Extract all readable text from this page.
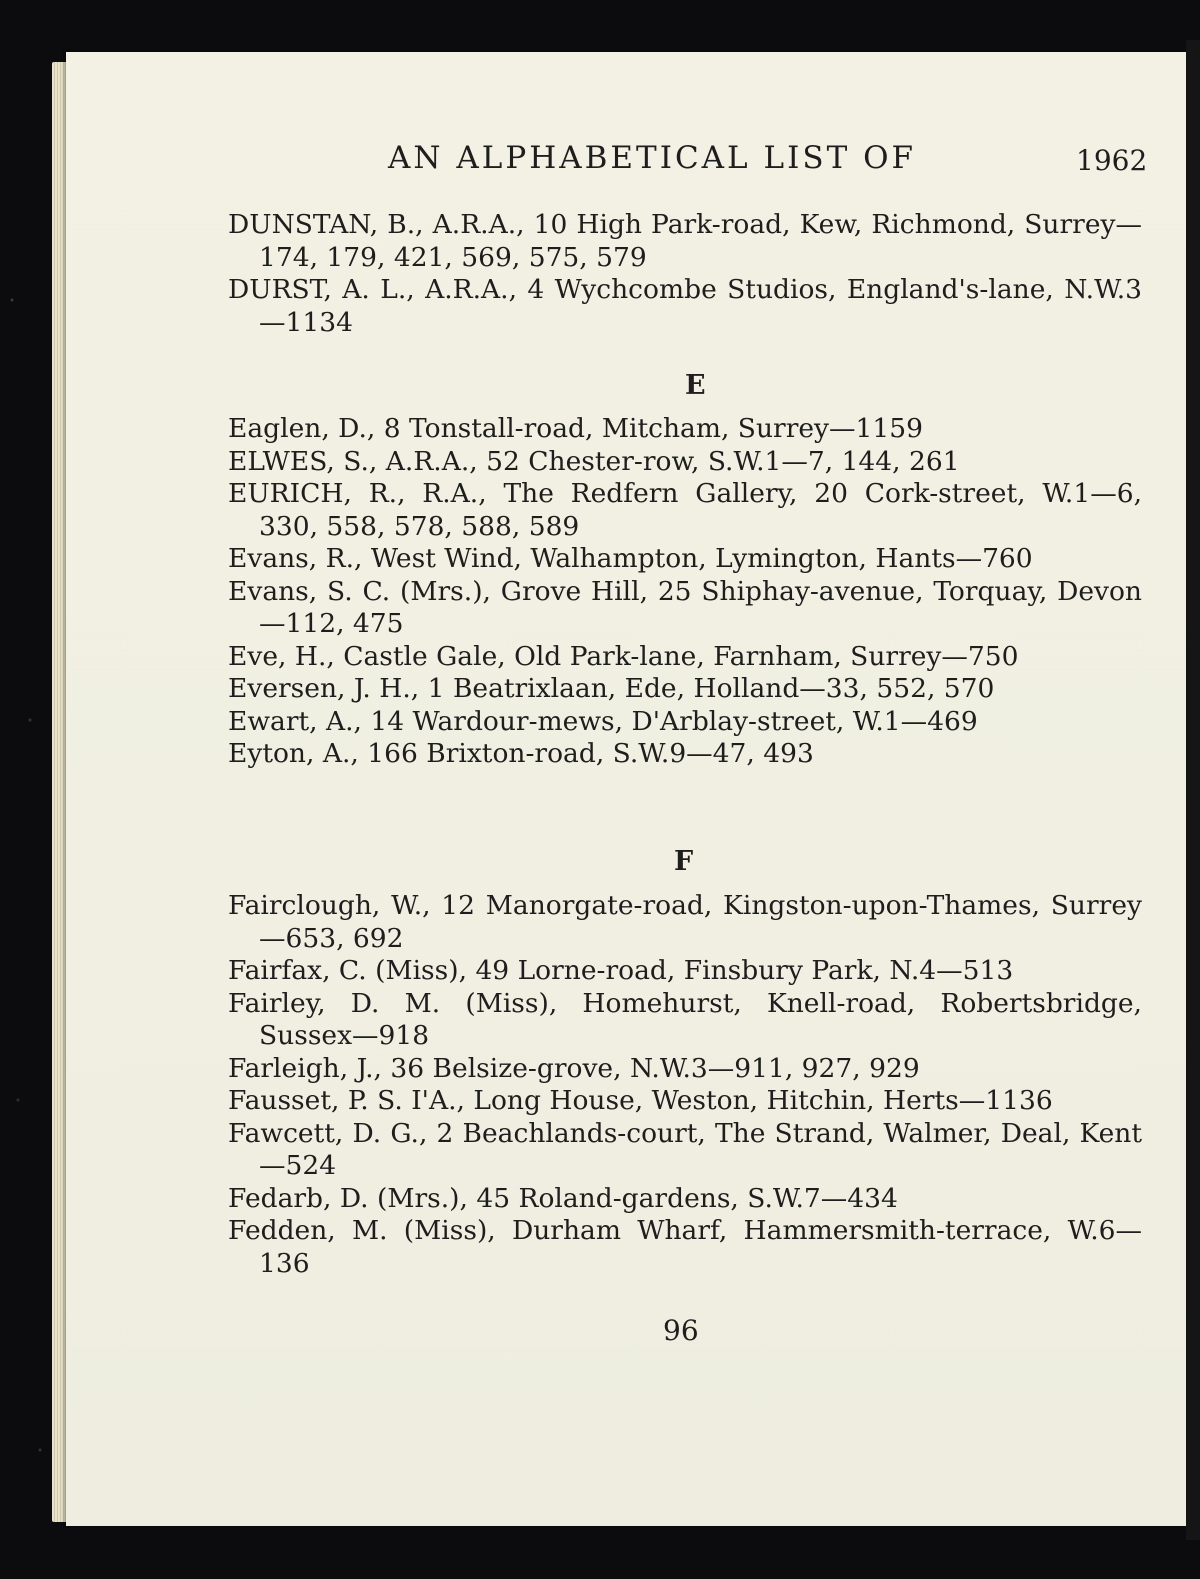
AN ALPHABETICAL LIST OF	1962

DUNSTAN, B., A.R.A., 10 High Park-road, Kew, Richmond, Surrey—174, 179, 421, 569, 575, 579

DURST, A. L., A.R.A., 4 Wychcombe Studios, England's-lane, N.W.3—1134

E

Eaglen, D., 8 Tonstall-road, Mitcham, Surrey—1159

ELWES, S., A.R.A., 52 Chester-row, S.W.1—7, 144, 261

EURICH, R., R.A., The Redfern Gallery, 20 Cork-street, W.1—6, 330, 558, 578, 588, 589

Evans, R., West Wind, Walhampton, Lymington, Hants—760

Evans, S. C. (Mrs.), Grove Hill, 25 Shiphay-avenue, Torquay, Devon—112, 475

Eve, H., Castle Gale, Old Park-lane, Farnham, Surrey—750

Eversen, J. H., 1 Beatrixlaan, Ede, Holland—33, 552, 570

Ewart, A., 14 Wardour-mews, D'Arblay-street, W.1—469

Eyton, A., 166 Brixton-road, S.W.9—47, 493

F

Fairclough, W., 12 Manorgate-road, Kingston-upon-Thames, Surrey—653, 692

Fairfax, C. (Miss), 49 Lorne-road, Finsbury Park, N.4—513

Fairley, D. M. (Miss), Homehurst, Knell-road, Robertsbridge, Sussex—918

Farleigh, J., 36 Belsize-grove, N.W.3—911, 927, 929

Fausset, P. S. I'A., Long House, Weston, Hitchin, Herts—1136

Fawcett, D. G., 2 Beachlands-court, The Strand, Walmer, Deal, Kent—524

Fedarb, D. (Mrs.), 45 Roland-gardens, S.W.7—434

Fedden, M. (Miss), Durham Wharf, Hammersmith-terrace, W.6—136

96
